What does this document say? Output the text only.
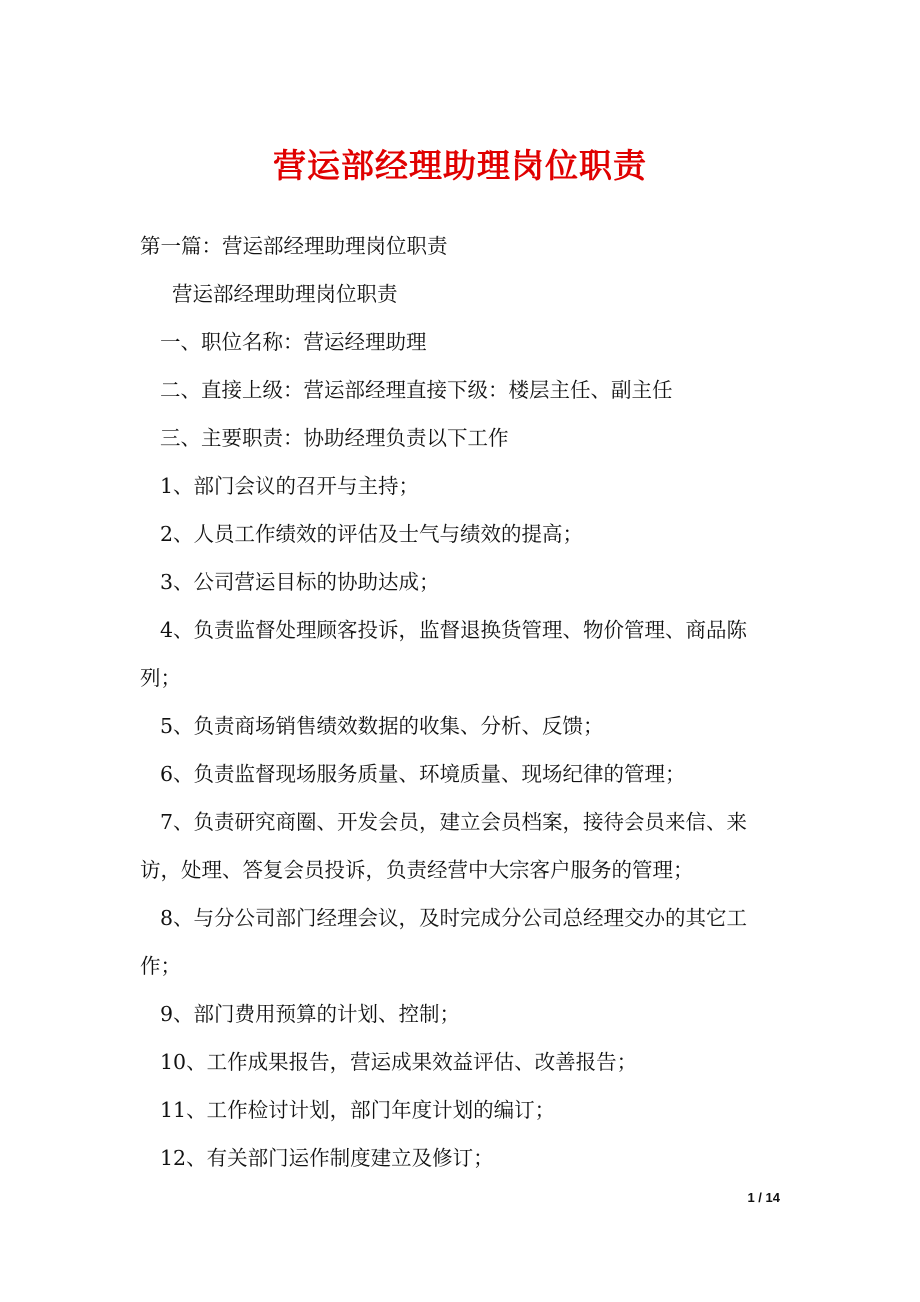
营运部经理助理岗位职责

第一篇：营运部经理助理岗位职责

营运部经理助理岗位职责

一、职位名称：营运经理助理

二、直接上级：营运部经理直接下级：楼层主任、副主任

三、主要职责：协助经理负责以下工作

1、部门会议的召开与主持；

2、人员工作绩效的评估及士气与绩效的提高；

3、公司营运目标的协助达成；

4、负责监督处理顾客投诉，监督退换货管理、物价管理、商品陈列；

5、负责商场销售绩效数据的收集、分析、反馈；

6、负责监督现场服务质量、环境质量、现场纪律的管理；

7、负责研究商圈、开发会员，建立会员档案，接待会员来信、来访，处理、答复会员投诉，负责经营中大宗客户服务的管理；

8、与分公司部门经理会议，及时完成分公司总经理交办的其它工作；

9、部门费用预算的计划、控制；

10、工作成果报告，营运成果效益评估、改善报告；

11、工作检讨计划，部门年度计划的编订；

12、有关部门运作制度建立及修订；

1 / 14
